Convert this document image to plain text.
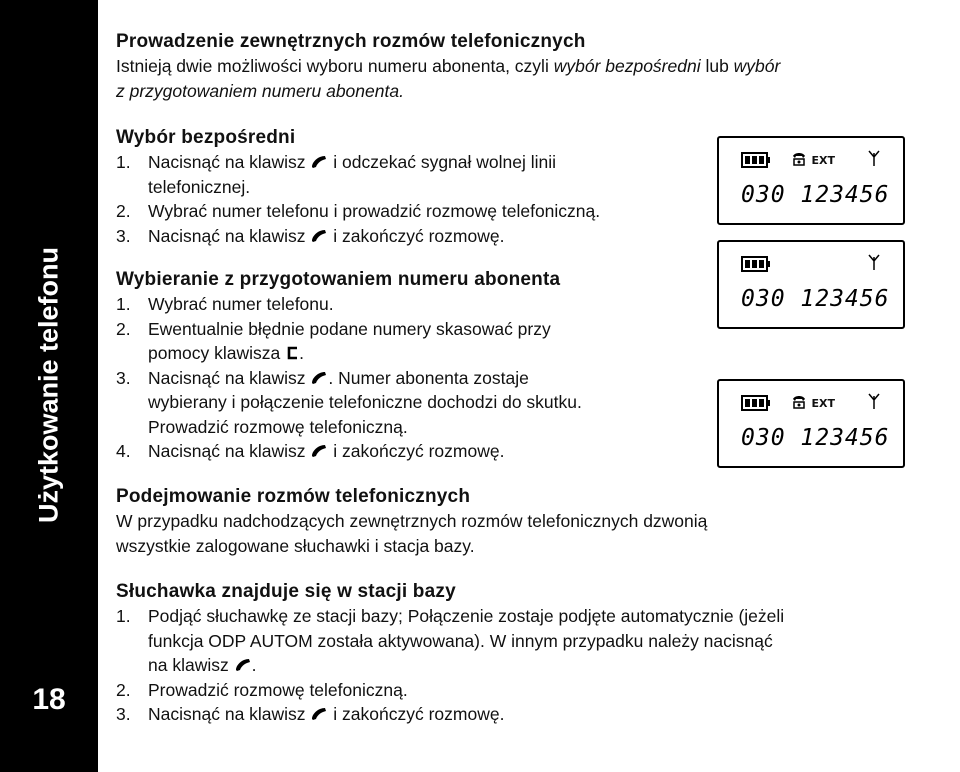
Użytkowanie telefonu
18
Prowadzenie zewnętrznych rozmów telefonicznych
Istnieją dwie możliwości wyboru numeru abonenta, czyli wybór bezpośredni lub wybór
z przygotowaniem numeru abonenta.
Wybór bezpośredni
1. Nacisnąć na klawisz  i odczekać sygnał wolnej linii
telefonicznej.
2. Wybrać numer telefonu i prowadzić rozmowę telefoniczną.
3. Nacisnąć na klawisz  i zakończyć rozmowę.
Wybieranie z przygotowaniem numeru abonenta
1. Wybrać numer telefonu.
2. Ewentualnie błędnie podane numery skasować przy
pomocy klawisza .
3. Nacisnąć na klawisz . Numer abonenta zostaje
wybierany i połączenie telefoniczne dochodzi do skutku.
Prowadzić rozmowę telefoniczną.
4. Nacisnąć na klawisz  i zakończyć rozmowę.
Podejmowanie rozmów telefonicznych
W przypadku nadchodzących zewnętrznych rozmów telefonicznych dzwonią
wszystkie zalogowane słuchawki i stacja bazy.
Słuchawka znajduje się w stacji bazy
1. Podjąć słuchawkę ze stacji bazy; Połączenie zostaje podjęte automatycznie (jeżeli
funkcja ODP AUTOM została aktywowana). W innym przypadku należy nacisnąć
na klawisz .
2. Prowadzić rozmowę telefoniczną.
3. Nacisnąć na klawisz  i zakończyć rozmowę.
EXT
030 123456
030 123456
EXT
030 123456
